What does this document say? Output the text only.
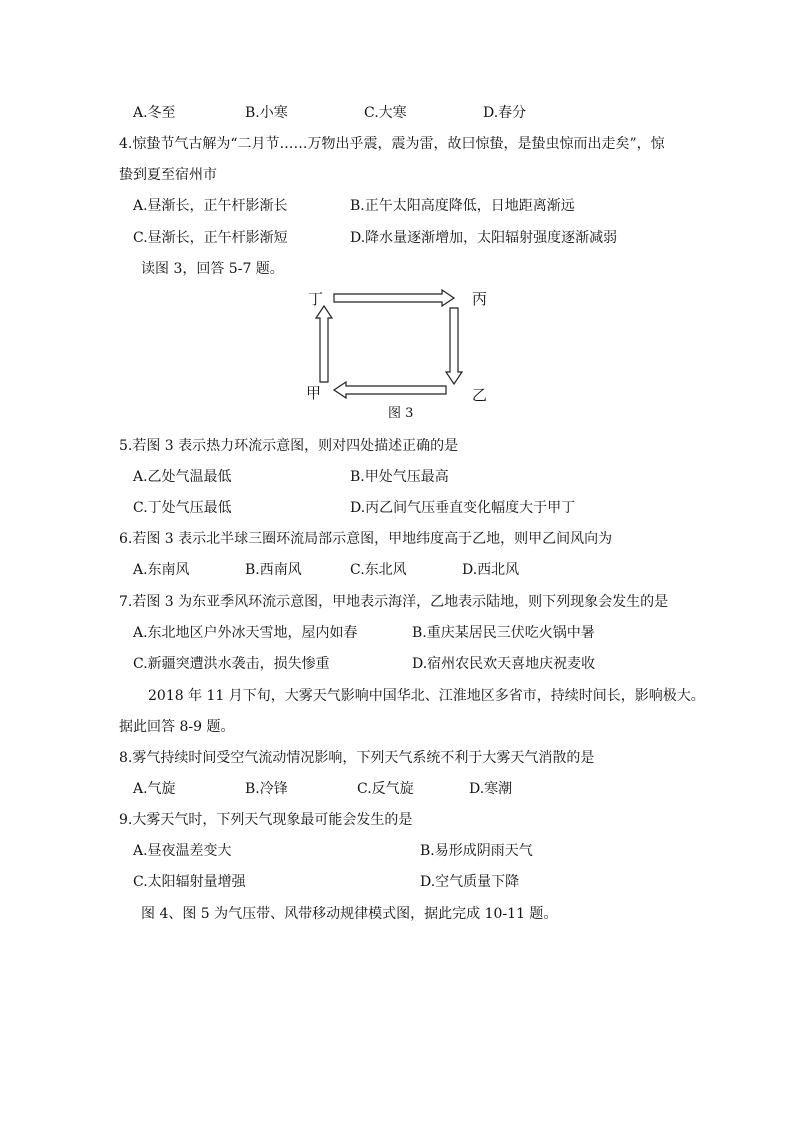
A.冬至	B.小寒	C.大寒	D.春分
4.惊蛰节气古解为“二月节……万物出乎震，震为雷，故曰惊蛰，是蛰虫惊而出走矣”，惊
蛰到夏至宿州市
A.昼渐长，正午杆影渐长	B.正午太阳高度降低，日地距离渐远
C.昼渐长，正午杆影渐短	D.降水量逐渐增加，太阳辐射强度逐渐减弱
读图 3，回答 5-7 题。
丁	丙
甲	乙
图 3
5.若图 3 表示热力环流示意图，则对四处描述正确的是
A.乙处气温最低	B.甲处气压最高
C.丁处气压最低	D.丙乙间气压垂直变化幅度大于甲丁
6.若图 3 表示北半球三圈环流局部示意图，甲地纬度高于乙地，则甲乙间风向为
A.东南风	B.西南风	C.东北风	D.西北风
7.若图 3 为东亚季风环流示意图，甲地表示海洋，乙地表示陆地，则下列现象会发生的是
A.东北地区户外冰天雪地，屋内如春	B.重庆某居民三伏吃火锅中暑
C.新疆突遭洪水袭击，损失惨重	D.宿州农民欢天喜地庆祝麦收
2018 年 11 月下旬，大雾天气影响中国华北、江淮地区多省市，持续时间长，影响极大。
据此回答 8-9 题。
8.雾气持续时间受空气流动情况影响，下列天气系统不利于大雾天气消散的是
A.气旋	B.冷锋	C.反气旋	D.寒潮
9.大雾天气时，下列天气现象最可能会发生的是
A.昼夜温差变大	B.易形成阴雨天气
C.太阳辐射量增强	D.空气质量下降
图 4、图 5 为气压带、风带移动规律模式图，据此完成 10-11 题。
